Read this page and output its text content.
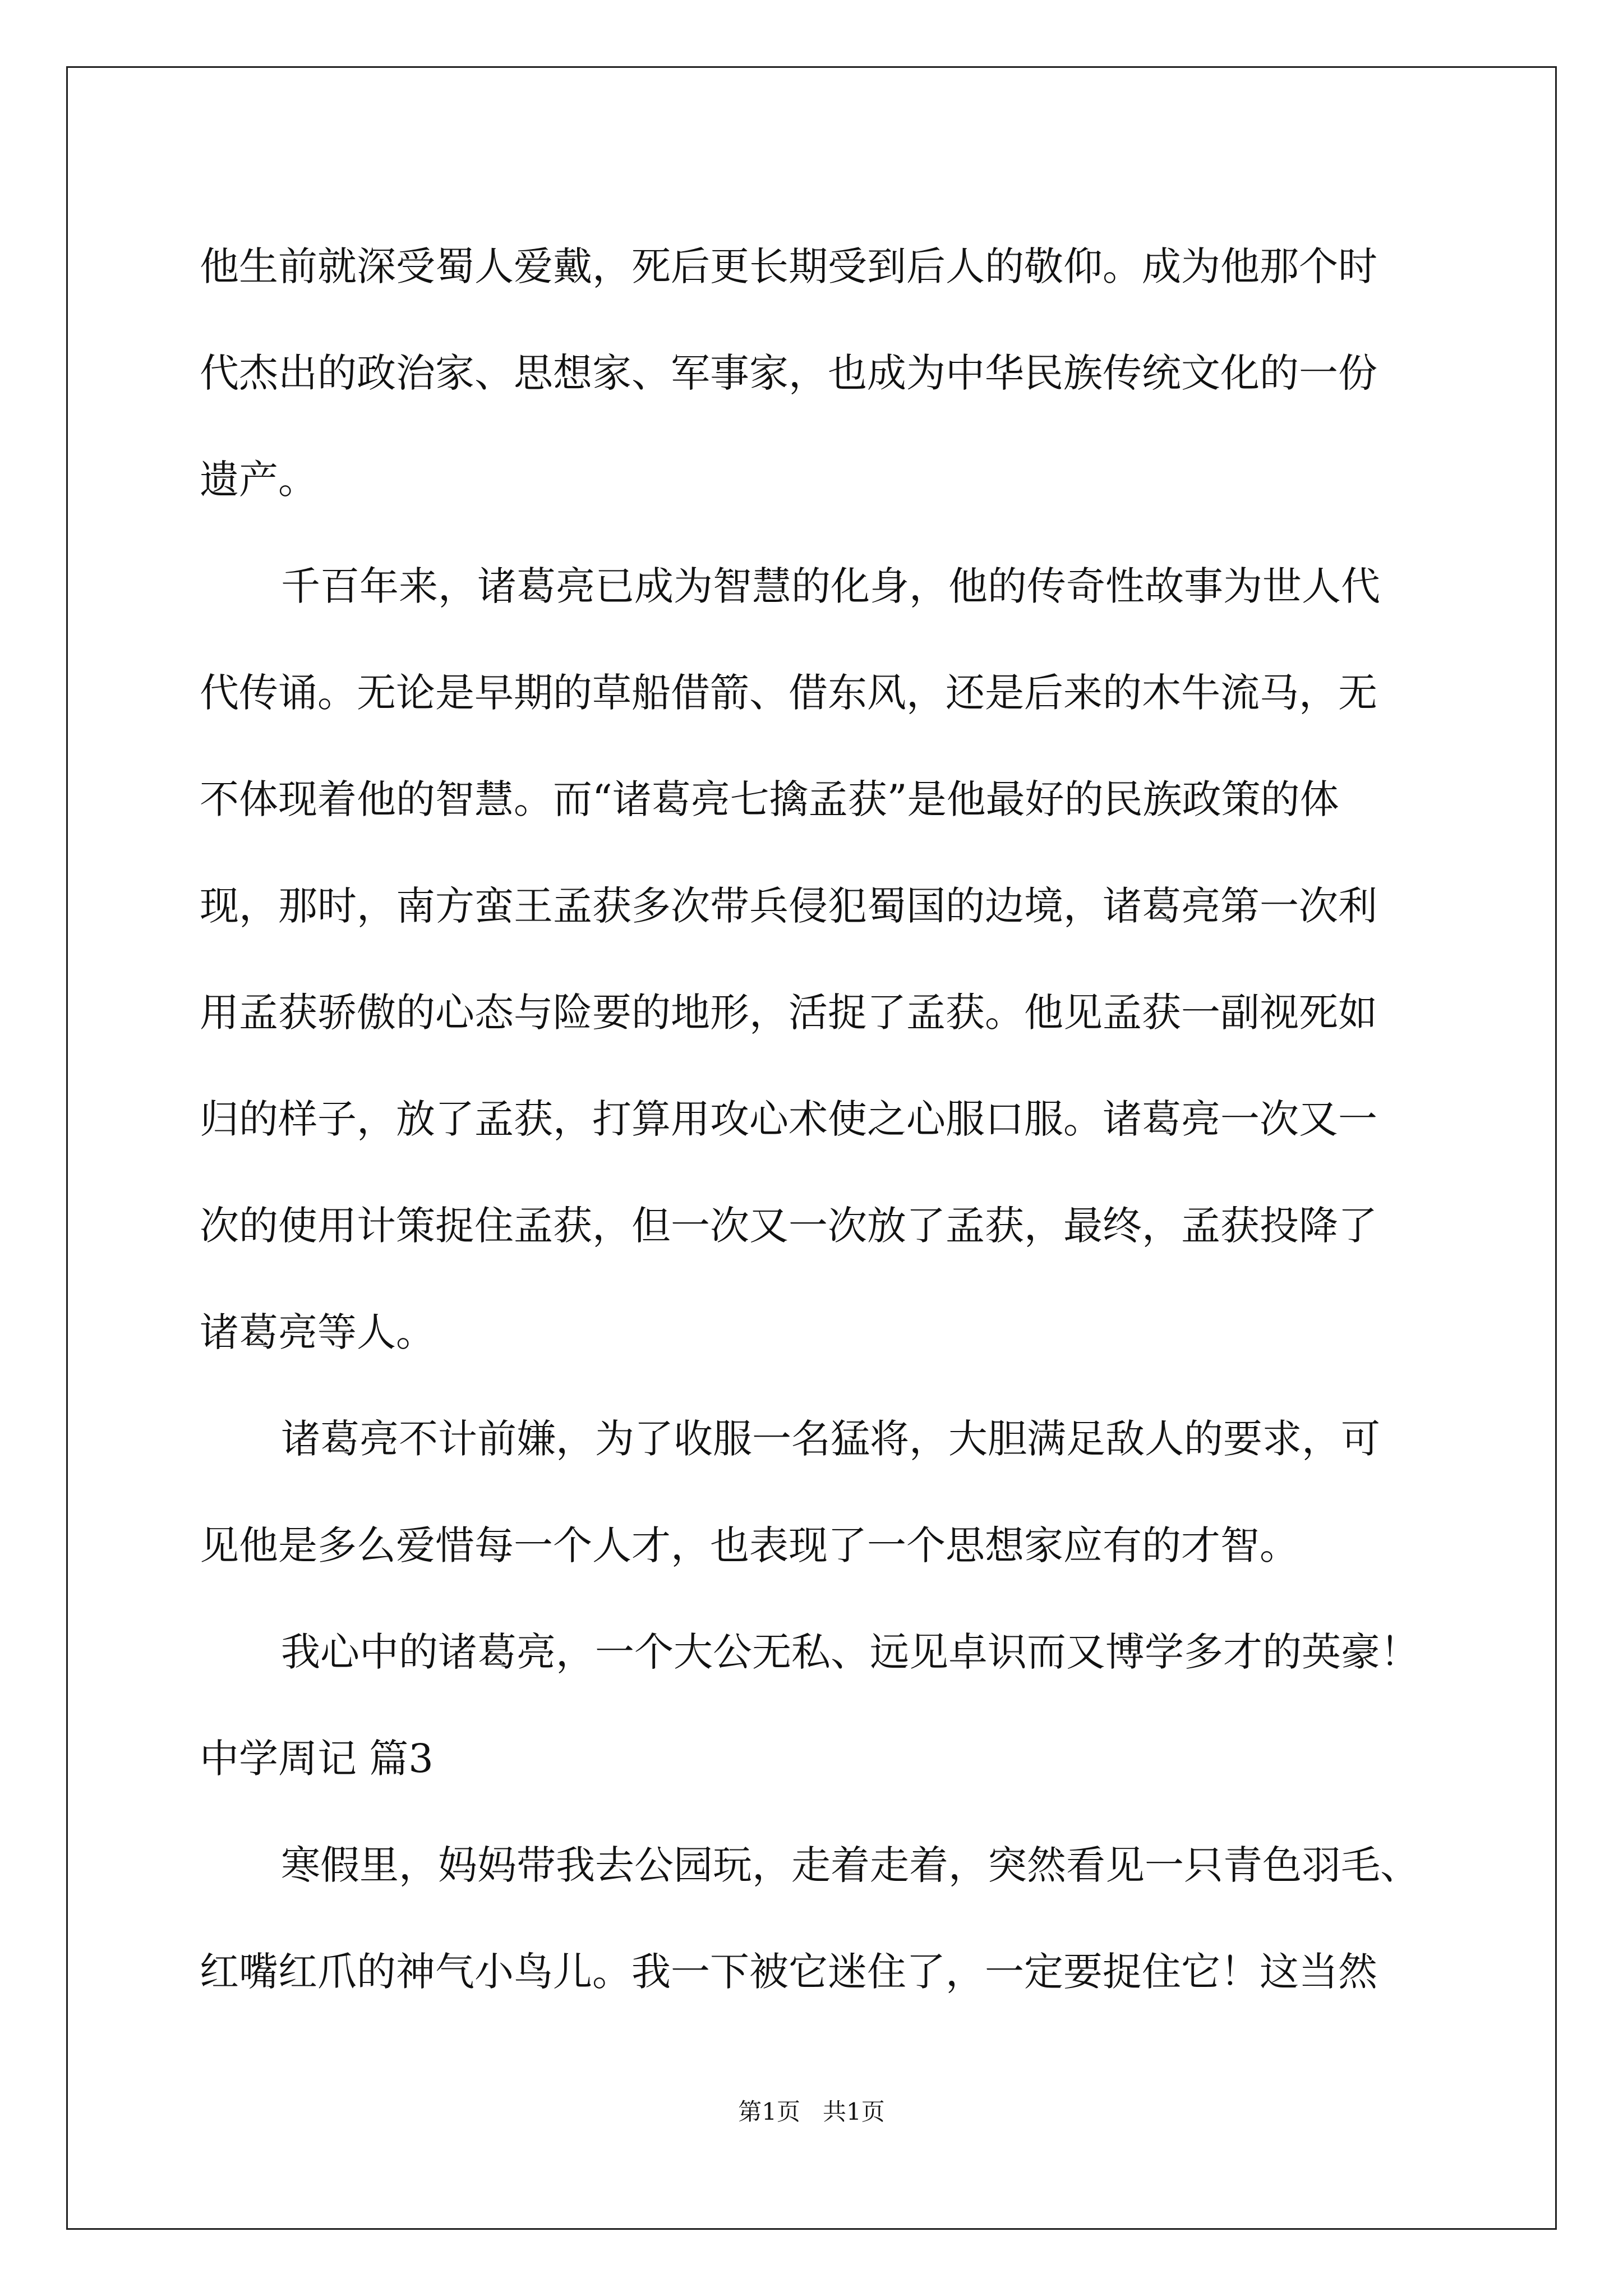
他生前就深受蜀人爱戴，死后更长期受到后人的敬仰。成为他那个时
代杰出的政治家、思想家、军事家，也成为中华民族传统文化的一份
遗产。
千百年来，诸葛亮已成为智慧的化身，他的传奇性故事为世人代
代传诵。无论是早期的草船借箭、借东风，还是后来的木牛流马，无
不体现着他的智慧。而“诸葛亮七擒孟获”是他最好的民族政策的体
现，那时，南方蛮王孟获多次带兵侵犯蜀国的边境，诸葛亮第一次利
用孟获骄傲的心态与险要的地形，活捉了孟获。他见孟获一副视死如
归的样子，放了孟获，打算用攻心术使之心服口服。诸葛亮一次又一
次的使用计策捉住孟获，但一次又一次放了孟获，最终，孟获投降了
诸葛亮等人。
诸葛亮不计前嫌，为了收服一名猛将，大胆满足敌人的要求，可
见他是多么爱惜每一个人才，也表现了一个思想家应有的才智。
我心中的诸葛亮，一个大公无私、远见卓识而又博学多才的英豪！
中学周记 篇3
寒假里，妈妈带我去公园玩，走着走着，突然看见一只青色羽毛、
红嘴红爪的神气小鸟儿。我一下被它迷住了，一定要捉住它！这当然
第1页   共1页
